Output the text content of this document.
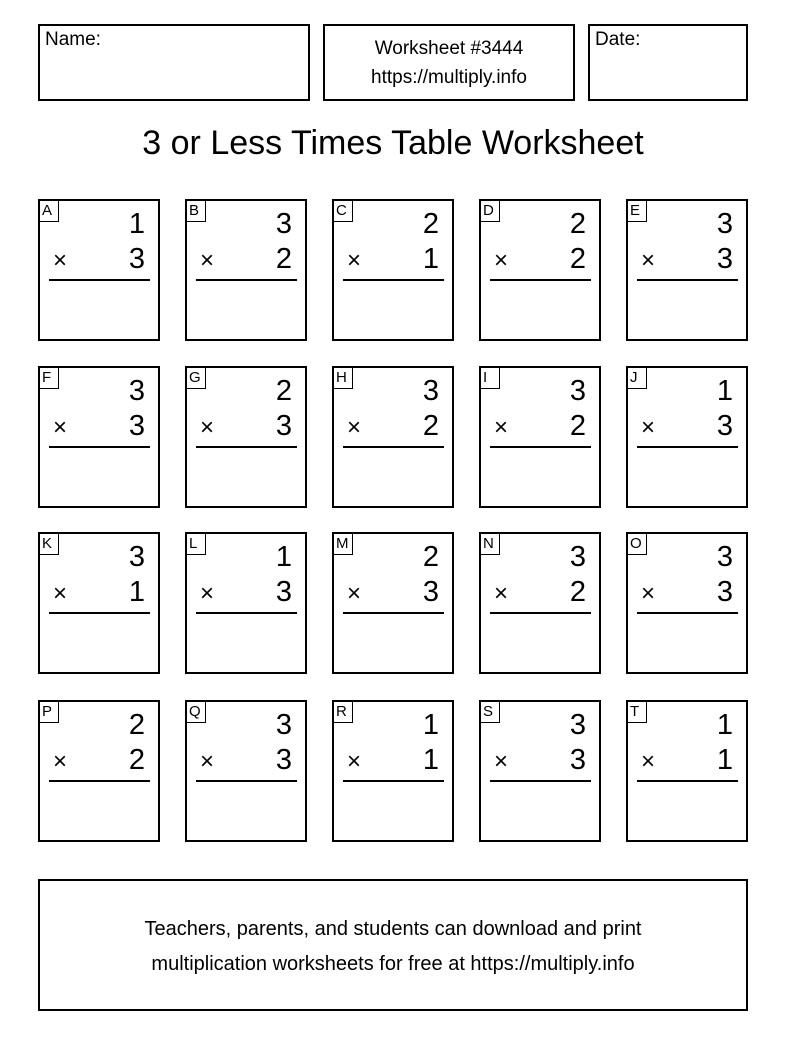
Name:	Worksheet #3444
https://multiply.info
Date:
3 or Less Times Table Worksheet
A	1
× 3
B	3
× 2
C	2
× 1
D	2
× 2
E	3
× 3
F	3
× 3
G	2
× 3
H	3
× 2
I	3
× 2
J	1
× 3
K	3
× 1
L	1
× 3
M	2
× 3
N	3
× 2
O	3
× 3
P	2
× 2
Q	3
× 3
R	1
× 1
S	3
× 3
T	1
× 1
Teachers, parents, and students can download and print
multiplication worksheets for free at https://multiply.info
